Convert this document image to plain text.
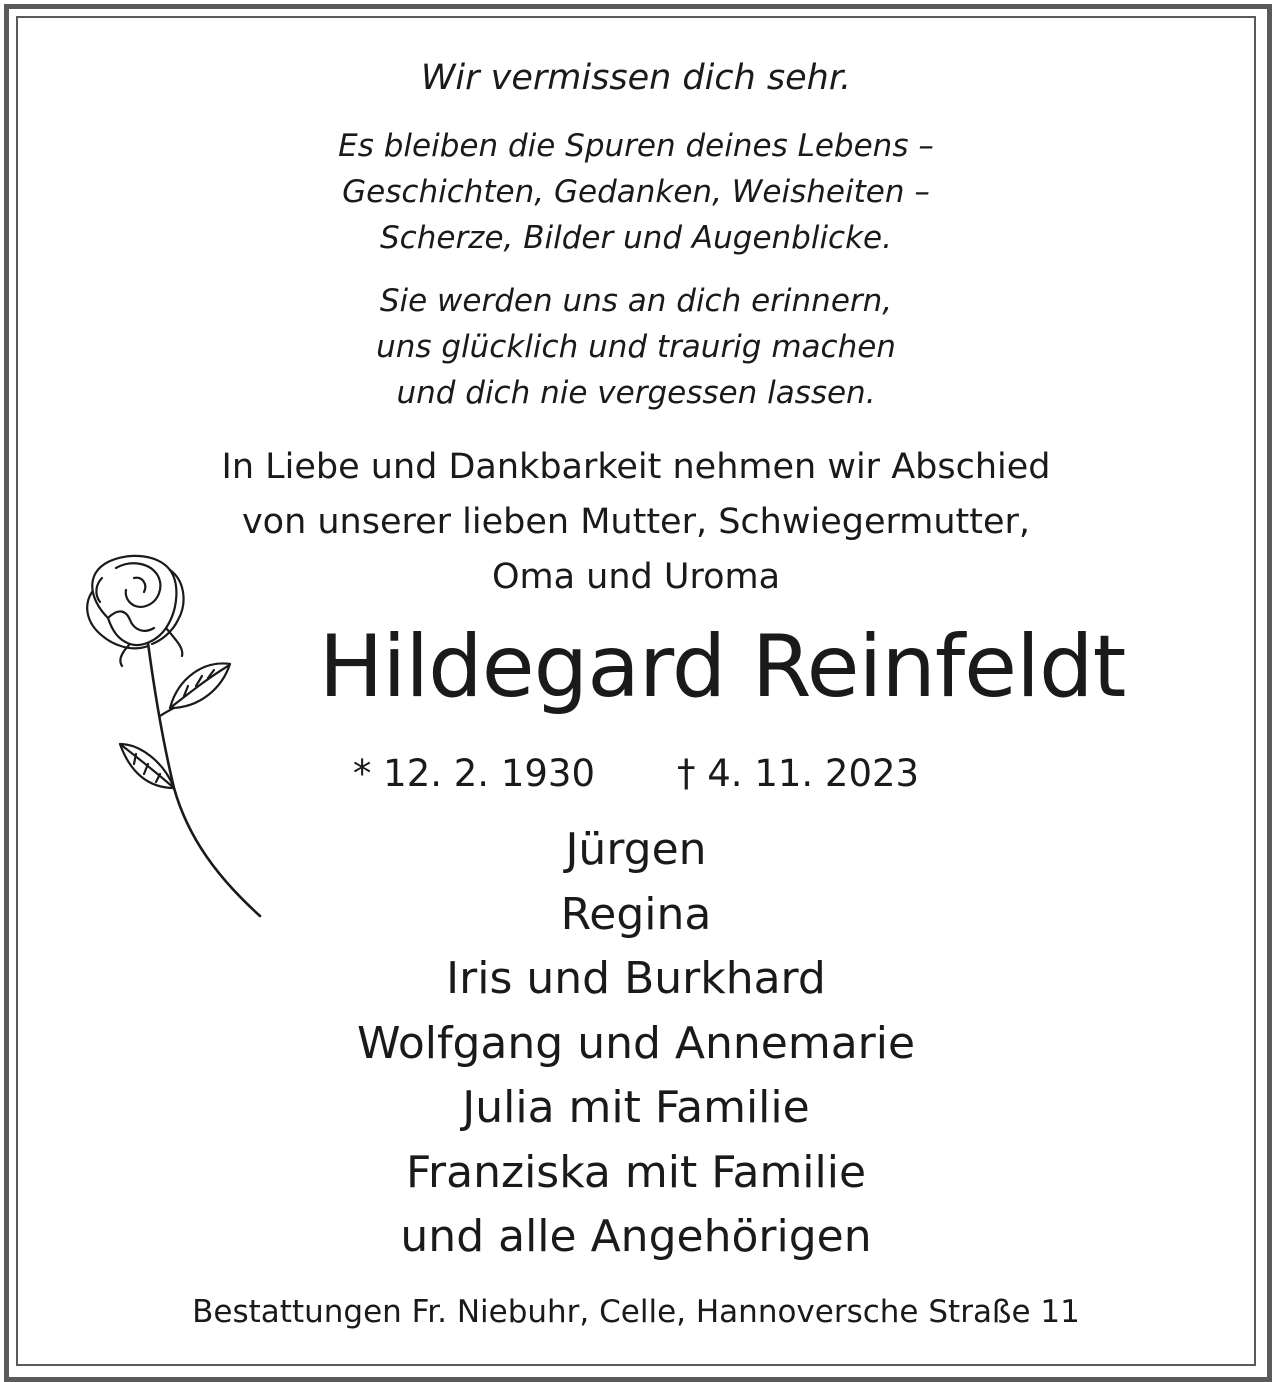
Wir vermissen dich sehr.
Es bleiben die Spuren deines Lebens –
Geschichten, Gedanken, Weisheiten –
Scherze, Bilder und Augenblicke.
Sie werden uns an dich erinnern,
uns glücklich und traurig machen
und dich nie vergessen lassen.
In Liebe und Dankbarkeit nehmen wir Abschied
von unserer lieben Mutter, Schwiegermutter,
Oma und Uroma
Hildegard Reinfeldt
* 12. 2. 1930 † 4. 11. 2023
Jürgen
Regina
Iris und Burkhard
Wolfgang und Annemarie
Julia mit Familie
Franziska mit Familie
und alle Angehörigen
Bestattungen Fr. Niebuhr, Celle, Hannoversche Straße 11
